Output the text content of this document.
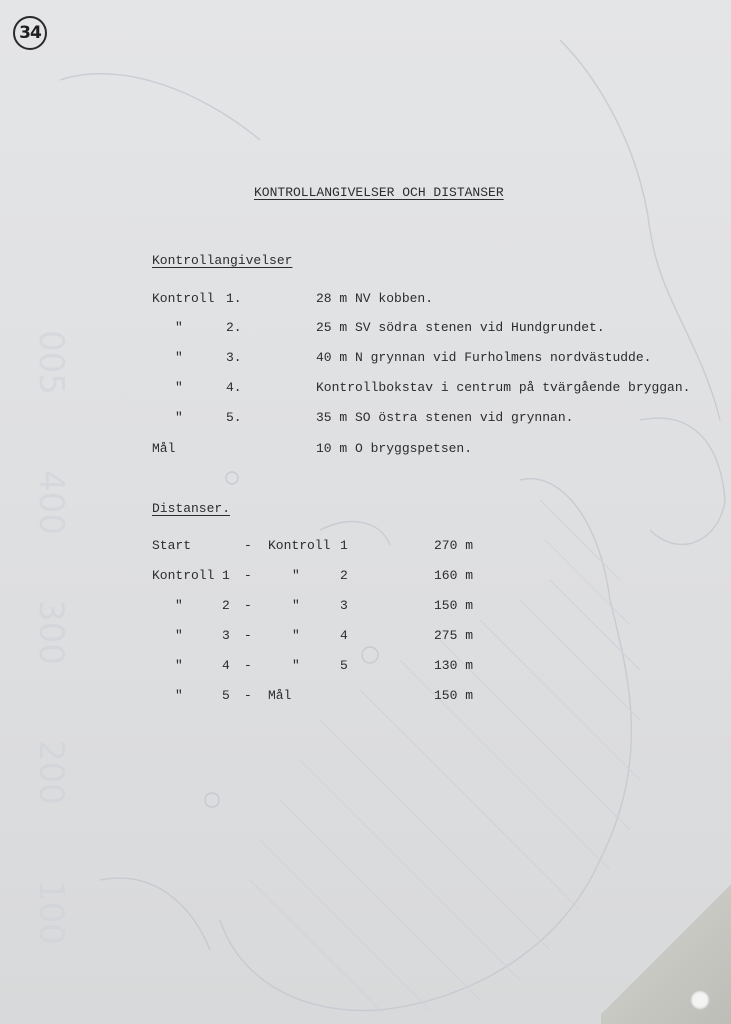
005
400
300
200
100
34
KONTROLLANGIVELSER OCH DISTANSER
Kontrollangivelser
Kontroll 1.	28 m NV kobben.
"	2.	25 m SV södra stenen vid Hundgrundet.
"	3.	40 m N grynnan vid Furholmens nordvästudde.
"	4.	Kontrollbokstav i centrum på tvärgående bryggan.
"	5.	35 m SO östra stenen vid grynnan.
Mål	10 m O bryggspetsen.
Distanser.
Start	- Kontroll 1	270 m
Kontroll 1 -	"	2	160 m
"	2 -	"	3	150 m
"	3 -	"	4	275 m
"	4 -	"	5	130 m
"	5 - Mål	150 m
